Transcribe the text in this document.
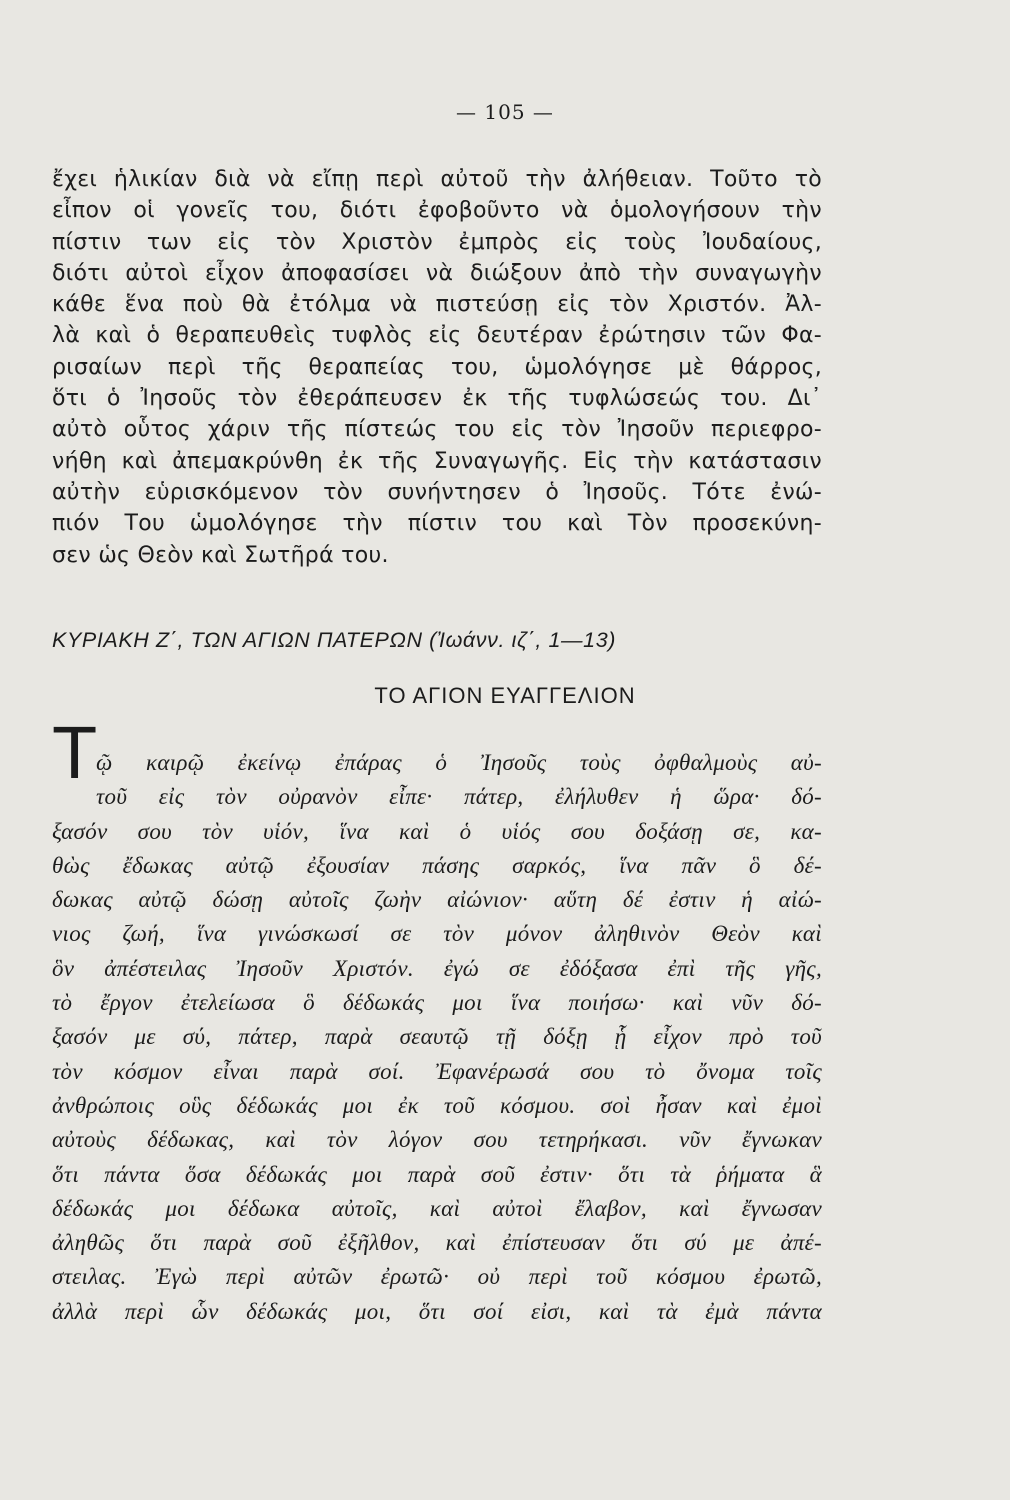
— 105 —
ἔχει ἡλικίαν διὰ νὰ εἴπῃ περὶ αὐτοῦ τὴν ἀλήθειαν. Τοῦτο τὸ
εἶπον οἱ γονεῖς του, διότι ἐφοβοῦντο νὰ ὁμολογήσουν τὴν
πίστιν των εἰς τὸν Χριστὸν ἐμπρὸς εἰς τοὺς Ἰουδαίους,
διότι αὐτοὶ εἶχον ἀποφασίσει νὰ διώξουν ἀπὸ τὴν συναγωγὴν
κάθε ἕνα ποὺ θὰ ἐτόλμα νὰ πιστεύσῃ εἰς τὸν Χριστόν. Ἀλ-
λὰ καὶ ὁ θεραπευθεὶς τυφλὸς εἰς δευτέραν ἐρώτησιν τῶν Φα-
ρισαίων περὶ τῆς θεραπείας του, ὡμολόγησε μὲ θάρρος,
ὅτι ὁ Ἰησοῦς τὸν ἐθεράπευσεν ἐκ τῆς τυφλώσεώς του. Δι᾽
αὐτὸ οὗτος χάριν τῆς πίστεώς του εἰς τὸν Ἰησοῦν περιεφρο-
νήθη καὶ ἀπεμακρύνθη ἐκ τῆς Συναγωγῆς. Εἰς τὴν κατάστασιν
αὐτὴν εὑρισκόμενον τὸν συνήντησεν ὁ Ἰησοῦς. Τότε ἐνώ-
πιόν Του ὡμολόγησε τὴν πίστιν του καὶ Τὸν προσεκύνη-
σεν ὡς Θεὸν καὶ Σωτῆρά του.
ΚΥΡΙΑΚΗ Ζ΄, ΤΩΝ ΑΓΙΩΝ ΠΑΤΕΡΩΝ (Ἰωάνν. ιζ΄, 1—13)
ΤΟ ΑΓΙΟΝ ΕΥΑΓΓΕΛΙΟΝ
Τ
ῷ καιρῷ ἐκείνῳ ἐπάρας ὁ Ἰησοῦς τοὺς ὀφθαλμοὺς αὐ-
τοῦ εἰς τὸν οὐρανὸν εἶπε· πάτερ, ἐλήλυθεν ἡ ὥρα· δό-
ξασόν σου τὸν υἱόν, ἵνα καὶ ὁ υἱός σου δοξάσῃ σε, κα-
θὼς ἔδωκας αὐτῷ ἐξουσίαν πάσης σαρκός, ἵνα πᾶν ὃ δέ-
δωκας αὐτῷ δώσῃ αὐτοῖς ζωὴν αἰώνιον· αὕτη δέ ἐστιν ἡ αἰώ-
νιος ζωή, ἵνα γινώσκωσί σε τὸν μόνον ἀληθινὸν Θεὸν καὶ
ὃν ἀπέστειλας Ἰησοῦν Χριστόν. ἐγώ σε ἐδόξασα ἐπὶ τῆς γῆς,
τὸ ἔργον ἐτελείωσα ὃ δέδωκάς μοι ἵνα ποιήσω· καὶ νῦν δό-
ξασόν με σύ, πάτερ, παρὰ σεαυτῷ τῇ δόξῃ ᾗ εἶχον πρὸ τοῦ
τὸν κόσμον εἶναι παρὰ σοί. Ἐφανέρωσά σου τὸ ὄνομα τοῖς
ἀνθρώποις οὓς δέδωκάς μοι ἐκ τοῦ κόσμου. σοὶ ἦσαν καὶ ἐμοὶ
αὐτοὺς δέδωκας, καὶ τὸν λόγον σου τετηρήκασι. νῦν ἔγνωκαν
ὅτι πάντα ὅσα δέδωκάς μοι παρὰ σοῦ ἐστιν· ὅτι τὰ ῥήματα ἃ
δέδωκάς μοι δέδωκα αὐτοῖς, καὶ αὐτοὶ ἔλαβον, καὶ ἔγνωσαν
ἀληθῶς ὅτι παρὰ σοῦ ἐξῆλθον, καὶ ἐπίστευσαν ὅτι σύ με ἀπέ-
στειλας. Ἐγὼ περὶ αὐτῶν ἐρωτῶ· οὐ περὶ τοῦ κόσμου ἐρωτῶ,
ἀλλὰ περὶ ὧν δέδωκάς μοι, ὅτι σοί εἰσι, καὶ τὰ ἐμὰ πάντα
